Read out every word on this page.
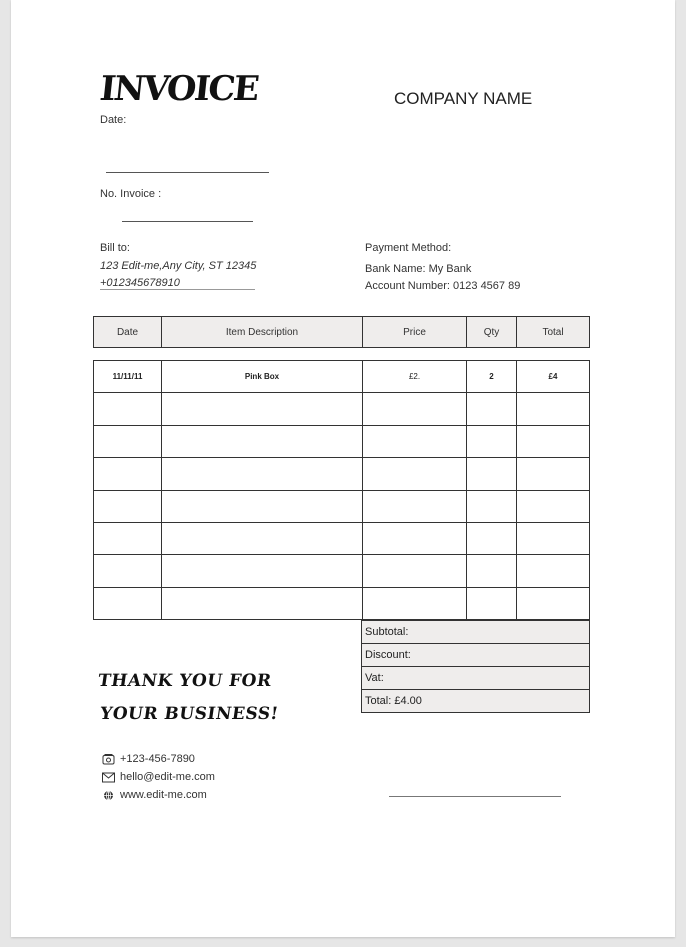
INVOICE	COMPANY NAME
Date:
No. Invoice :
Bill to:
123 Edit-me,Any City, ST 12345
+012345678910
Payment Method:
Bank Name: My Bank
Account Number: 0123 4567 89
Date	Item Description	Price	Qty	Total
11/11/11	Pink Box	£2.	2	£4

Subtotal:
Discount:
Vat:
Total: £4.00
THANK YOU FOR
YOUR BUSINESS!
+123-456-7890
hello@edit-me.com
www.edit-me.com
